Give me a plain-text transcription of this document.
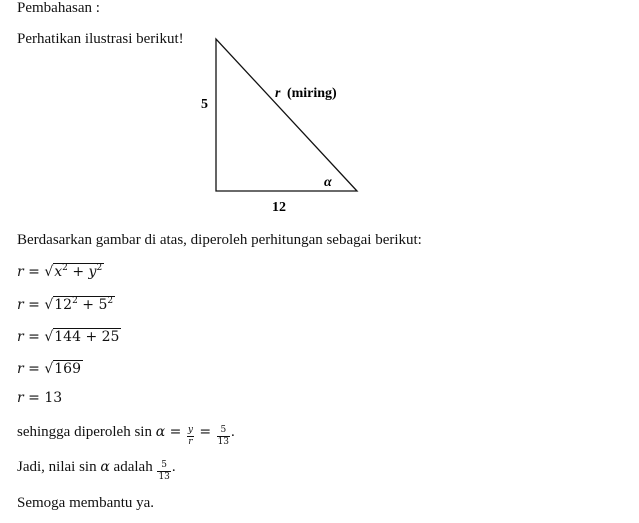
Pembahasan :
Perhatikan ilustrasi berikut!
5
12
r (miring)
α
Berdasarkan gambar di atas, diperoleh perhitungan sebagai berikut:
$r = √x^2 + y^2$
$r = √12^2 + 5^2$
r = √144 + 25
r = √169
r = 13
sehingga diperoleh $\sin \alpha = \frac{y}{r} = \frac{5}{13}$ .
Jadi, nilai sin α adalah $\frac{5}{13}$ .
Semoga membantu ya.
